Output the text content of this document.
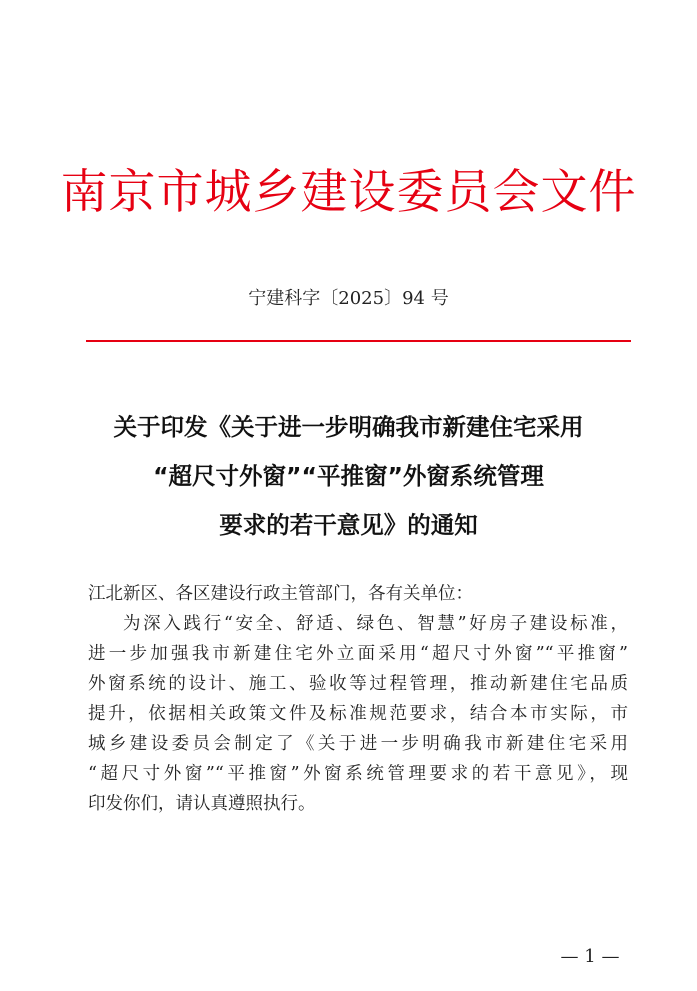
南京市城乡建设委员会文件
宁建科字〔2025〕94 号
关于印发《关于进一步明确我市新建住宅采用
“超尺寸外窗”“平推窗”外窗系统管理
要求的若干意见》的通知
江北新区、各区建设行政主管部门，各有关单位：
为深入践行“安全、舒适、绿色、智慧”好房子建设标准，
进一步加强我市新建住宅外立面采用“超尺寸外窗”“平推窗”
外窗系统的设计、施工、验收等过程管理，推动新建住宅品质
提升，依据相关政策文件及标准规范要求，结合本市实际，市
城乡建设委员会制定了《关于进一步明确我市新建住宅采用
“超尺寸外窗”“平推窗”外窗系统管理要求的若干意见》，现
印发你们，请认真遵照执行。
— 1 —
